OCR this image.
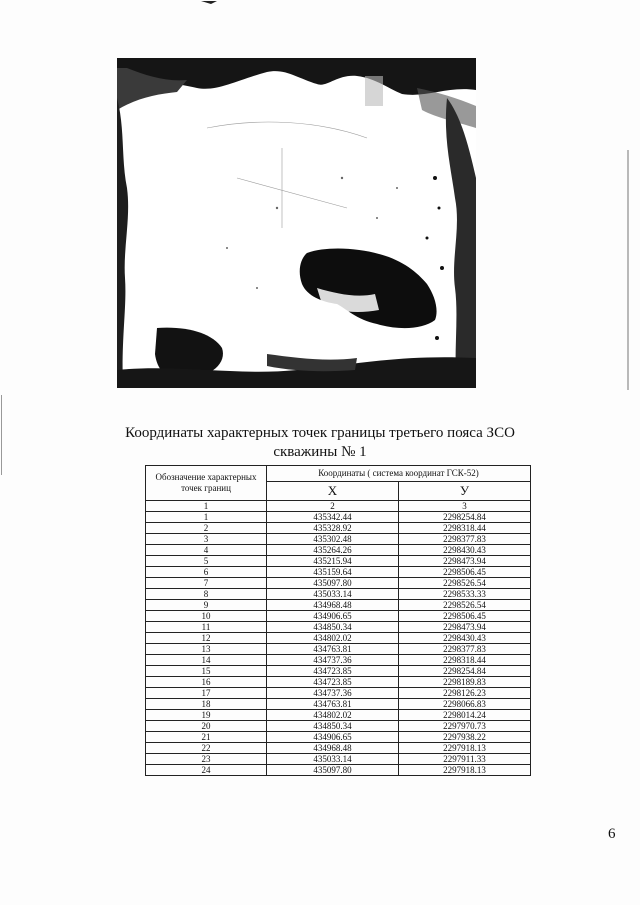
Координаты характерных точек границы третьего пояса ЗСО
скважины № 1
Обозначение характерных точек границ	Координаты ( система координат ГСК-52)	
	X	У
1	2	3
1	435342.44	2298254.84
2	435328.92	2298318.44
3	435302.48	2298377.83
4	435264.26	2298430.43
5	435215.94	2298473.94
6	435159.64	2298506.45
7	435097.80	2298526.54
8	435033.14	2298533.33
9	434968.48	2298526.54
10	434906.65	2298506.45
11	434850.34	2298473.94
12	434802.02	2298430.43
13	434763.81	2298377.83
14	434737.36	2298318.44
15	434723.85	2298254.84
16	434723.85	2298189.83
17	434737.36	2298126.23
18	434763.81	2298066.83
19	434802.02	2298014.24
20	434850.34	2297970.73
21	434906.65	2297938.22
22	434968.48	2297918.13
23	435033.14	2297911.33
24	435097.80	2297918.13
6
